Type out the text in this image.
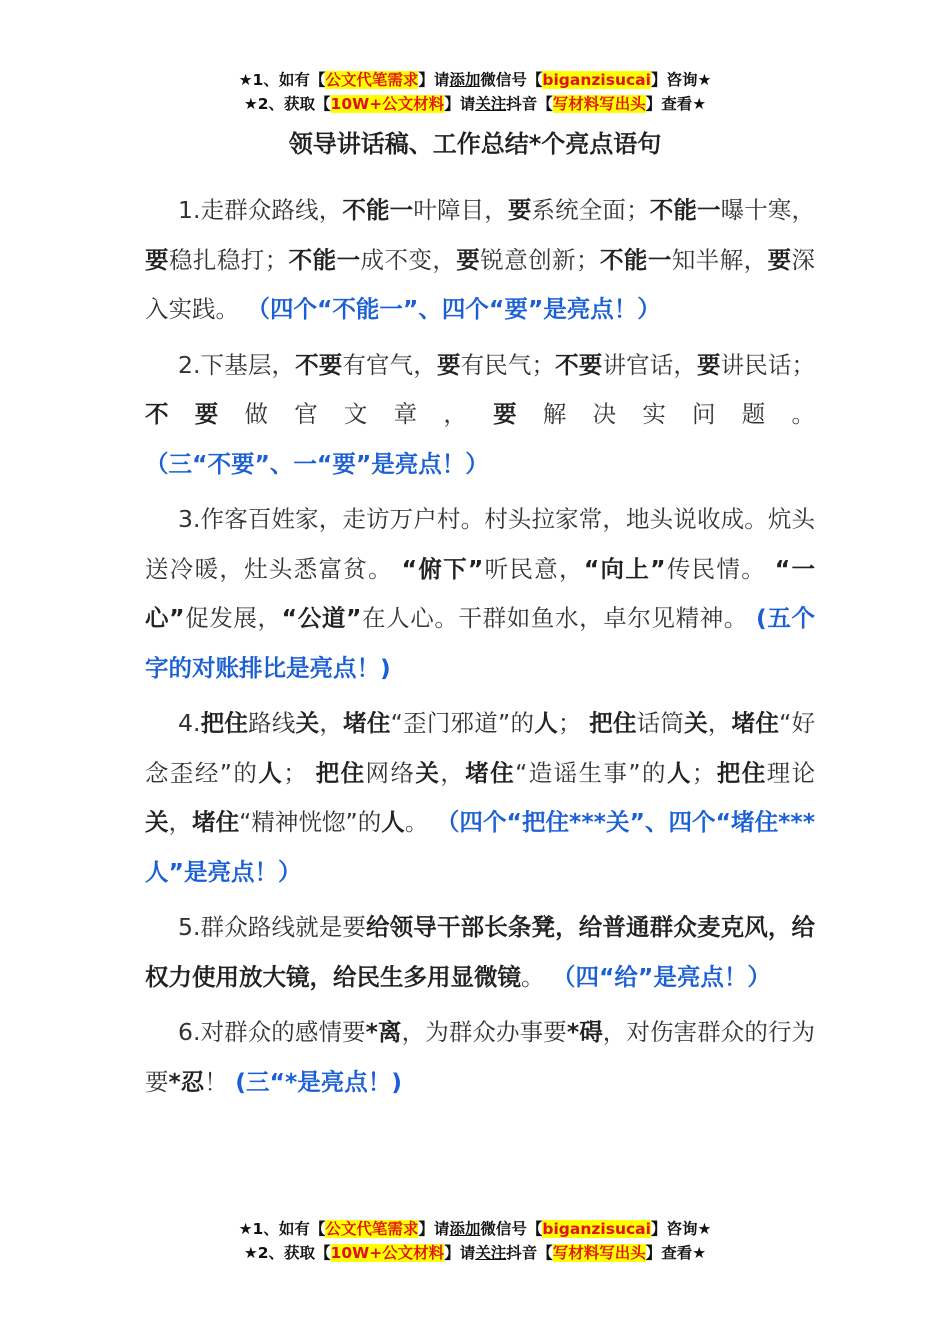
★1、如有【公文代笔需求】请添加微信号【biganzisucai】咨询★
★2、获取【10W+公文材料】请关注抖音【写材料写出头】查看★
领导讲话稿、工作总结*个亮点语句

1.走群众路线，不能一叶障目，要系统全面；不能一曝十寒，要稳扎稳打；不能一成不变，要锐意创新；不能一知半解，要深入实践。 （四个“不能一”、四个“要”是亮点！）

2.下基层，不要有官气，要有民气；不要讲官话，要讲民话；不要做官文章，要解决实问题。 （三“不要”、一“要”是亮点！）

3.作客百姓家，走访万户村。村头拉家常，地头说收成。炕头送冷暖，灶头悉富贫。 “俯下”听民意，“向上”传民情。 “一心”促发展，“公道”在人心。干群如鱼水，卓尔见精神。 (五个字的对账排比是亮点！)

4.把住路线关，堵住“歪门邪道”的人； 把住话筒关，堵住“好念歪经”的人； 把住网络关，堵住“造谣生事”的人；把住理论关，堵住“精神恍惚”的人。 （四个“把住***关”、四个“堵住***人”是亮点！）

5.群众路线就是要给领导干部长条凳，给普通群众麦克风，给权力使用放大镜，给民生多用显微镜。 （四“给”是亮点！）

6.对群众的感情要*离，为群众办事要*碍，对伤害群众的行为要*忍！ (三“*是亮点！)

★1、如有【公文代笔需求】请添加微信号【biganzisucai】咨询★
★2、获取【10W+公文材料】请关注抖音【写材料写出头】查看★
